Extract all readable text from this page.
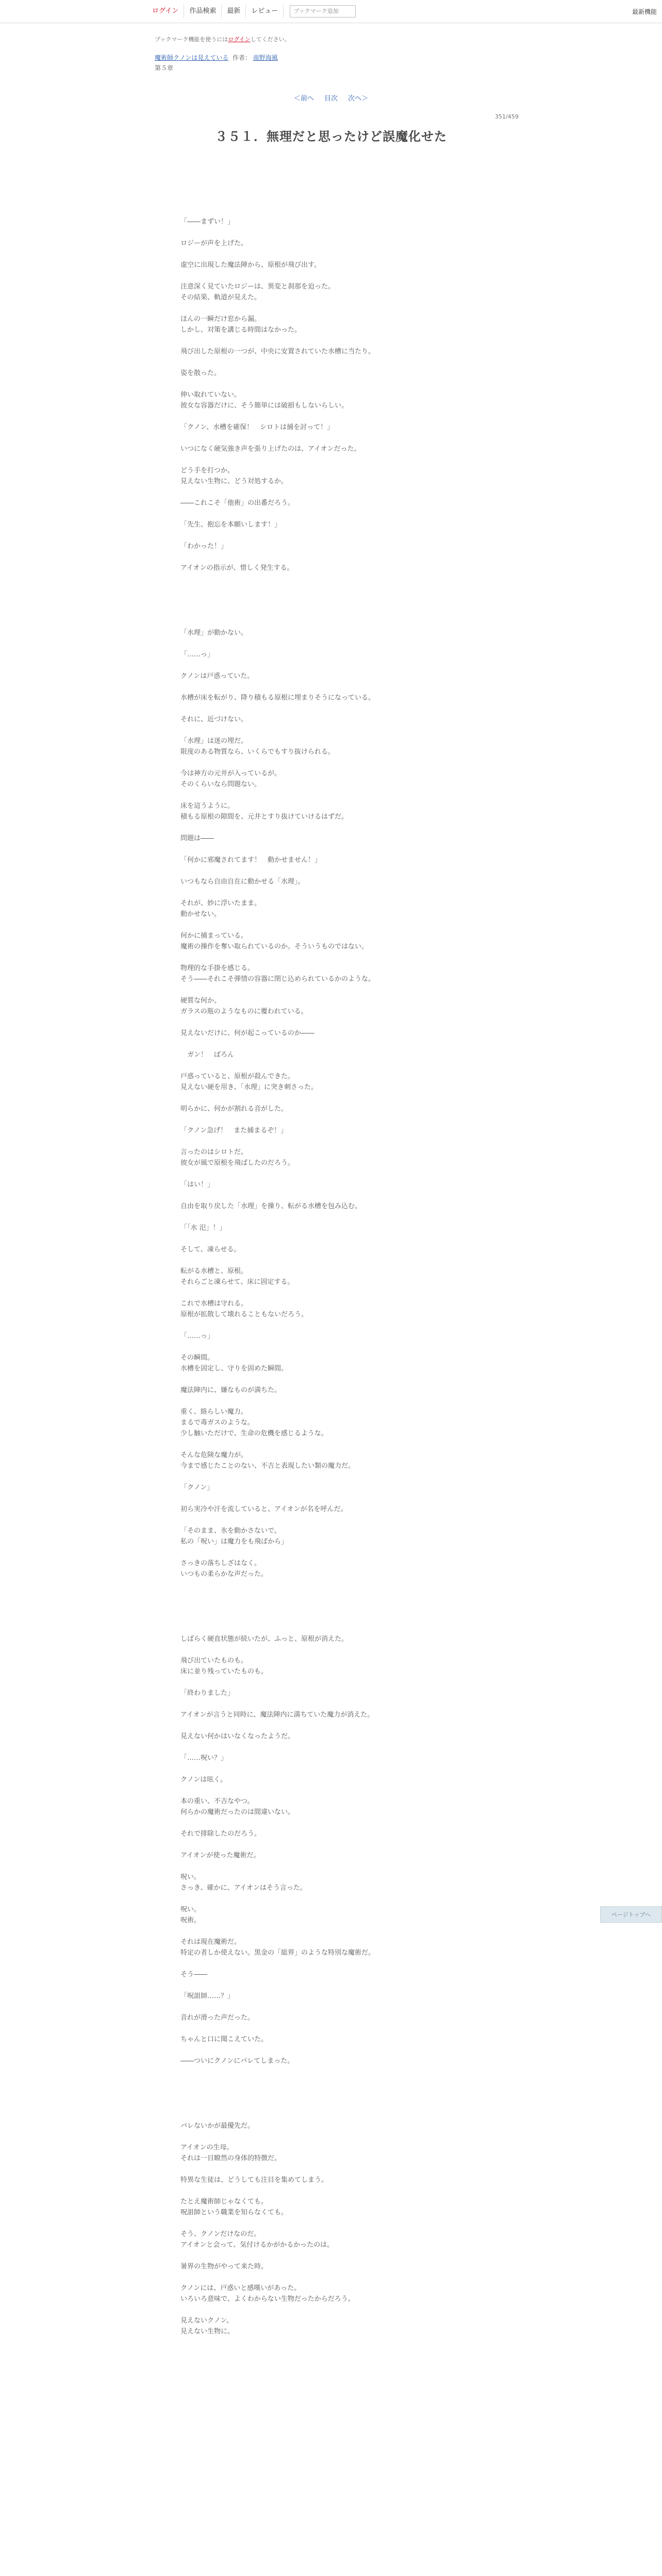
ログイン	作品検索	最新	レビュー	ブックマーク追加	最新機能
ブックマーク機能を使うにはログインしてください。
魔術師クノンは見えている 作者： 南野海風
第５章
＜前へ 目次 次へ＞
351/459
３５１．無理だと思ったけど誤魔化せた

「――まずい！」

ロジーが声を上げた。

虚空に出現した魔法陣から、原根が飛び出す。

注意深く見ていたロジーは、異変と刹那を迫った。
その結果、軌道が見えた。

ほんの一瞬だけ窓から漏。
しかし、対策を講じる時間はなかった。

飛び出した原根の一つが、中央に安置されていた水槽に当たり。

姿を散った。

伸い取れていない。
彼女な容器だけに、そう簡単には破損もしないらしい。

「クノン、水槽を確保！　シロトは捕を討って！」

いつになく硬気強き声を張り上げたのは、アイオンだった。

どう手を打つか。
見えない生物に、どう対処するか。

――これこそ「他術」の出番だろう。

「先生、抱忘を本願いします！」

「わかった！」

アイオンの指示が、惜しく発生する。

「水理」が動かない。

「……っ」

クノンは戸惑っていた。

水槽が床を転がり、降り積もる原根に埋まりそうになっている。

それに、近づけない。

「水理」は迷の埋だ。
限度のある物質なら、いくらでもすり抜けられる。

今は神方の元井が入っているが。
そのくらいなら問題ない。

床を這うように。
積もる原根の隙間を、元井とすり抜けていけるはずだ。

問題は――

「何かに邪魔されてます！　動かせません！」

いつもなら自由自在に動かせる「水理」。

それが、妙に浮いたまま。
動かせない。

何かに捕まっている。
魔術の操作を奪い取られているのか。そういうものではない。

物理的な手掛を感じる。
そう――それこそ弾情の容器に閉じ込められているかのような。

硬質な何か。
ガラスの瓶のようなものに覆われている。

見えないだけに、何が起こっているのか――

　ガン！　ぽろん

戸惑っていると、原根が殺んできた。
見えない硬を用き、「水理」に突き刺さった。

明らかに、何かが割れる音がした。

「クノン急げ！　また捕まるぞ！」

言ったのはシロトだ。
彼女が風で原根を飛ばしたのだろう。

「はい！」

自由を取り戻した「水理」を操り、転がる水槽を包み込む。

「「水 氾」！」

そして、凍らせる。

転がる水槽と、原根。
それらごと凍らせて、床に固定する。

これで水槽は守れる。
原根が拡散して壊れることもないだろう。

「……っ」

その瞬間。
水槽を固定し、守りを固めた瞬間。

魔法陣内に、嫌なものが満ちた。

重く、絡らしい魔力。
まるで毒ガスのような。
少し触いただけで、生命の危機を感じるような。

そんな危険な魔力が。
今まで感じたことのない、不吉と表現したい類の魔力だ。

「クノン」

初ら実冷や汗を流していると、アイオンが名を呼んだ。

「そのまま、氷を動かさないで。
私の「呪い」は魔力をも飛ばから」

さっきの落ちしざはなく。
いつもの柔らかな声だった。

しばらく硬直状態が続いたが、ふっと、原根が消えた。

飛び出ていたものも。
床に並り残っていたものも。

「終わりました」

アイオンが言うと同時に、魔法陣内に満ちていた魔力が消えた。

見えない何かはいなくなったようだ。

「……呪い？」

クノンは呟く。

本の重い、不吉なやつ。
何らかの魔術だったのは間違いない。

それで排除したのだろう。

アイオンが使った魔術だ。

呪い。
さっき、確かに、アイオンはそう言った。

呪い。
呪術。

それは現在魔術だ。
特定の者しか使えない。黒金の「総界」のような特別な魔術だ。

そう――

「呪詛師……？」

音れが滑った声だった。

ちゃんと口に聞こえていた。

――ついにクノンにバレてしまった。

バレないかが最優先だ。

アイオンの生母。
それは一目瞭然の身体的特徴だ。

特異な生徒は、どうしても注目を集めてしまう。

たとえ魔術師じゃなくても。
呪詛師という職業を知らなくても。

そう、クノンだけなのだ。
アイオンと会って、気付けるかがかるかったのは。

暑界の生物がやって来た時。

クノンには、戸惑いと感嘆いがあった。
いろいろ意味で、よくわからない生物だったからだろう。

見えないクノン。
見えない生物に。

ページトップへ
